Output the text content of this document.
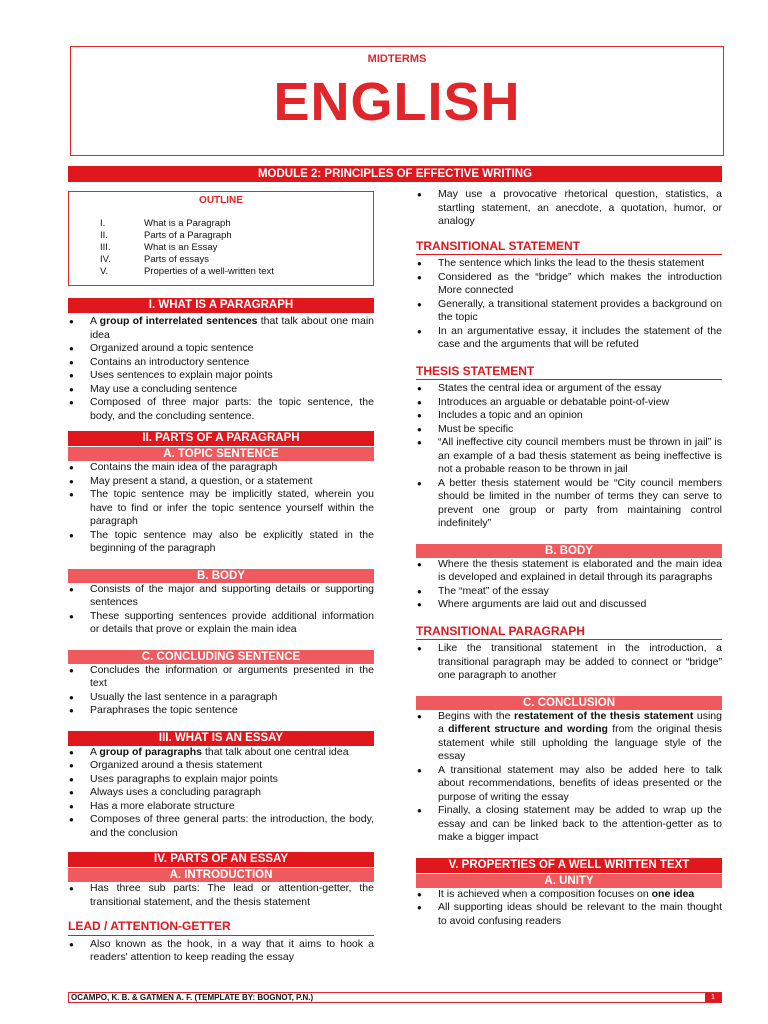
MIDTERMS
ENGLISH
MODULE 2: PRINCIPLES OF EFFECTIVE WRITING
OUTLINE
I.	What is a Paragraph
II.	Parts of a Paragraph
III.	What is an Essay
IV.	Parts of essays
V.	Properties of a well-written text
I. WHAT IS A PARAGRAPH
● A group of interrelated sentences that talk about one main idea
● Organized around a topic sentence
● Contains an introductory sentence
● Uses sentences to explain major points
● May use a concluding sentence
● Composed of three major parts: the topic sentence, the body, and the concluding sentence.
II. PARTS OF A PARAGRAPH
A. TOPIC SENTENCE
● Contains the main idea of the paragraph
● May present a stand, a question, or a statement
● The topic sentence may be implicitly stated, wherein you have to find or infer the topic sentence yourself within the paragraph
● The topic sentence may also be explicitly stated in the beginning of the paragraph
B. BODY
● Consists of the major and supporting details or supporting sentences
● These supporting sentences provide additional information or details that prove or explain the main idea
C. CONCLUDING SENTENCE
● Concludes the information or arguments presented in the text
● Usually the last sentence in a paragraph
● Paraphrases the topic sentence
III. WHAT IS AN ESSAY
● A group of paragraphs that talk about one central idea
● Organized around a thesis statement
● Uses paragraphs to explain major points
● Always uses a concluding paragraph
● Has a more elaborate structure
● Composes of three general parts: the introduction, the body, and the conclusion
IV. PARTS OF AN ESSAY
A. INTRODUCTION
● Has three sub parts: The lead or attention-getter, the transitional statement, and the thesis statement
LEAD / ATTENTION-GETTER
● Also known as the hook, in a way that it aims to hook a readers' attention to keep reading the essay
● May use a provocative rhetorical question, statistics, a startling statement, an anecdote, a quotation, humor, or analogy
TRANSITIONAL STATEMENT
● The sentence which links the lead to the thesis statement
● Considered as the “bridge” which makes the introduction More connected
● Generally, a transitional statement provides a background on the topic
● In an argumentative essay, it includes the statement of the case and the arguments that will be refuted
THESIS STATEMENT
● States the central idea or argument of the essay
● Introduces an arguable or debatable point-of-view
● Includes a topic and an opinion
● Must be specific
● “All ineffective city council members must be thrown in jail” is an example of a bad thesis statement as being ineffective is not a probable reason to be thrown in jail
● A better thesis statement would be “City council members should be limited in the number of terms they can serve to prevent one group or party from maintaining control indefinitely”
B. BODY
● Where the thesis statement is elaborated and the main idea is developed and explained in detail through its paragraphs
● The “meat” of the essay
● Where arguments are laid out and discussed
TRANSITIONAL PARAGRAPH
● Like the transitional statement in the introduction, a transitional paragraph may be added to connect or “bridge” one paragraph to another
C. CONCLUSION
● Begins with the restatement of the thesis statement using a different structure and wording from the original thesis statement while still upholding the language style of the essay
● A transitional statement may also be added here to talk about recommendations, benefits of ideas presented or the purpose of writing the essay
● Finally, a closing statement may be added to wrap up the essay and can be linked back to the attention-getter as to make a bigger impact
V. PROPERTIES OF A WELL WRITTEN TEXT
A. UNITY
● It is achieved when a composition focuses on one idea
● All supporting ideas should be relevant to the main thought to avoid confusing readers
OCAMPO, K. B. & GATMEN A. F. (TEMPLATE BY: BOGNOT, P.N.)	1
